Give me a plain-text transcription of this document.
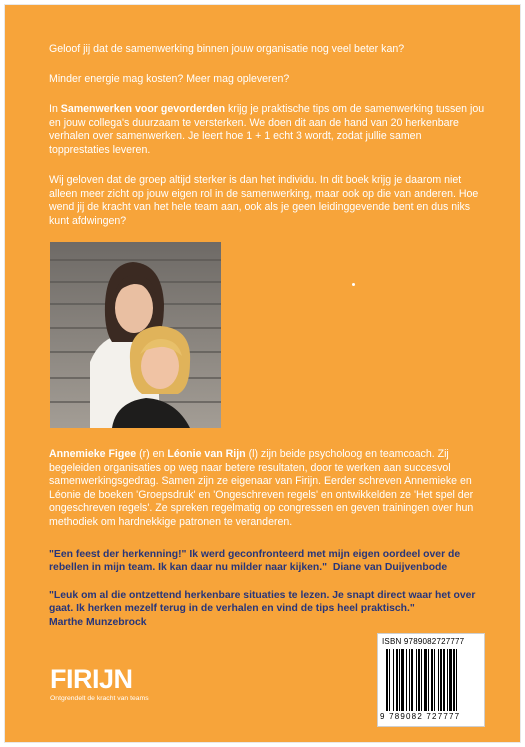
Geloof jij dat de samenwerking binnen jouw organisatie nog veel beter kan?

Minder energie mag kosten? Meer mag opleveren?

In Samenwerken voor gevorderden krijg je praktische tips om de samenwerking tussen jou en jouw collega's duurzaam te versterken. We doen dit aan de hand van 20 herkenbare verhalen over samenwerken. Je leert hoe 1 + 1 echt 3 wordt, zodat jullie samen topprestaties leveren.

Wij geloven dat de groep altijd sterker is dan het individu. In dit boek krijg je daarom niet alleen meer zicht op jouw eigen rol in de samenwerking, maar ook op die van anderen. Hoe wend jij de kracht van het hele team aan, ook als je geen leidinggevende bent en dus niks kunt afdwingen?

Annemieke Figee (r) en Léonie van Rijn (l) zijn beide psycholoog en teamcoach. Zij begeleiden organisaties op weg naar betere resultaten, door te werken aan succesvol samenwerkingsgedrag. Samen zijn ze eigenaar van Firijn. Eerder schreven Annemieke en Léonie de boeken 'Groepsdruk' en 'Ongeschreven regels' en ontwikkelden ze 'Het spel der ongeschreven regels'. Ze spreken regelmatig op congressen en geven trainingen over hun methodiek om hardnekkige patronen te veranderen.

"Een feest der herkenning!" Ik werd geconfronteerd met mijn eigen oordeel over de rebellen in mijn team. Ik kan daar nu milder naar kijken." Diane van Duijvenbode

"Leuk om al die ontzettend herkenbare situaties te lezen. Je snapt direct waar het over gaat. Ik herken mezelf terug in de verhalen en vind de tips heel praktisch."
Marthe Munzebrock

FIRIJN
Ontgrendelt de kracht van teams
ISBN 9789082727777
9 789082 727777
